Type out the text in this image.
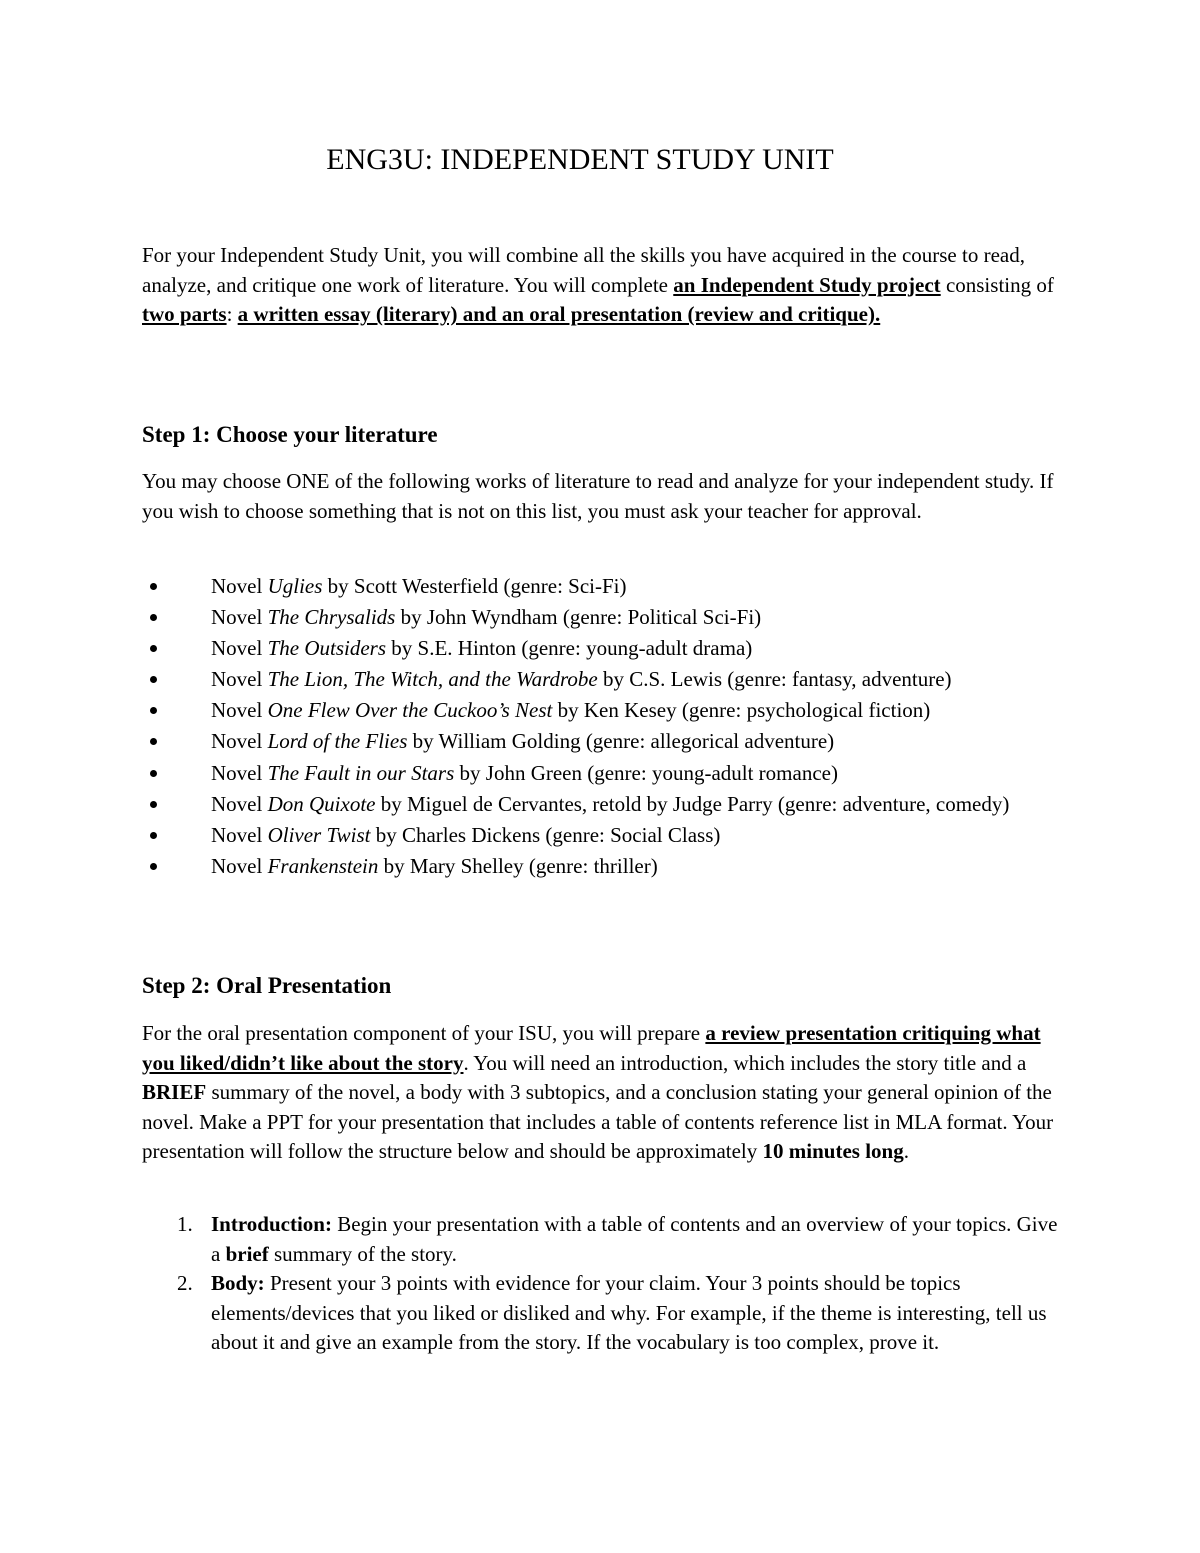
ENG3U: INDEPENDENT STUDY UNIT

For your Independent Study Unit, you will combine all the skills you have acquired in the course to read, analyze, and critique one work of literature. You will complete an Independent Study project consisting of two parts: a written essay (literary) and an oral presentation (review and critique).

Step 1: Choose your literature

You may choose ONE of the following works of literature to read and analyze for your independent study. If you wish to choose something that is not on this list, you must ask your teacher for approval.

Novel Uglies by Scott Westerfield (genre: Sci-Fi)
Novel The Chrysalids by John Wyndham (genre: Political Sci-Fi)
Novel The Outsiders by S.E. Hinton (genre: young-adult drama)
Novel The Lion, The Witch, and the Wardrobe by C.S. Lewis (genre: fantasy, adventure)
Novel One Flew Over the Cuckoo’s Nest by Ken Kesey (genre: psychological fiction)
Novel Lord of the Flies by William Golding (genre: allegorical adventure)
Novel The Fault in our Stars by John Green (genre: young-adult romance)
Novel Don Quixote by Miguel de Cervantes, retold by Judge Parry (genre: adventure, comedy)
Novel Oliver Twist by Charles Dickens (genre: Social Class)
Novel Frankenstein by Mary Shelley (genre: thriller)
Step 2: Oral Presentation

For the oral presentation component of your ISU, you will prepare a review presentation critiquing what you liked/didn’t like about the story. You will need an introduction, which includes the story title and a BRIEF summary of the novel, a body with 3 subtopics, and a conclusion stating your general opinion of the novel. Make a PPT for your presentation that includes a table of contents reference list in MLA format. Your presentation will follow the structure below and should be approximately 10 minutes long.

1. Introduction: Begin your presentation with a table of contents and an overview of your topics. Give a brief summary of the story.
2. Body: Present your 3 points with evidence for your claim. Your 3 points should be topics elements/devices that you liked or disliked and why. For example, if the theme is interesting, tell us about it and give an example from the story. If the vocabulary is too complex, prove it.
